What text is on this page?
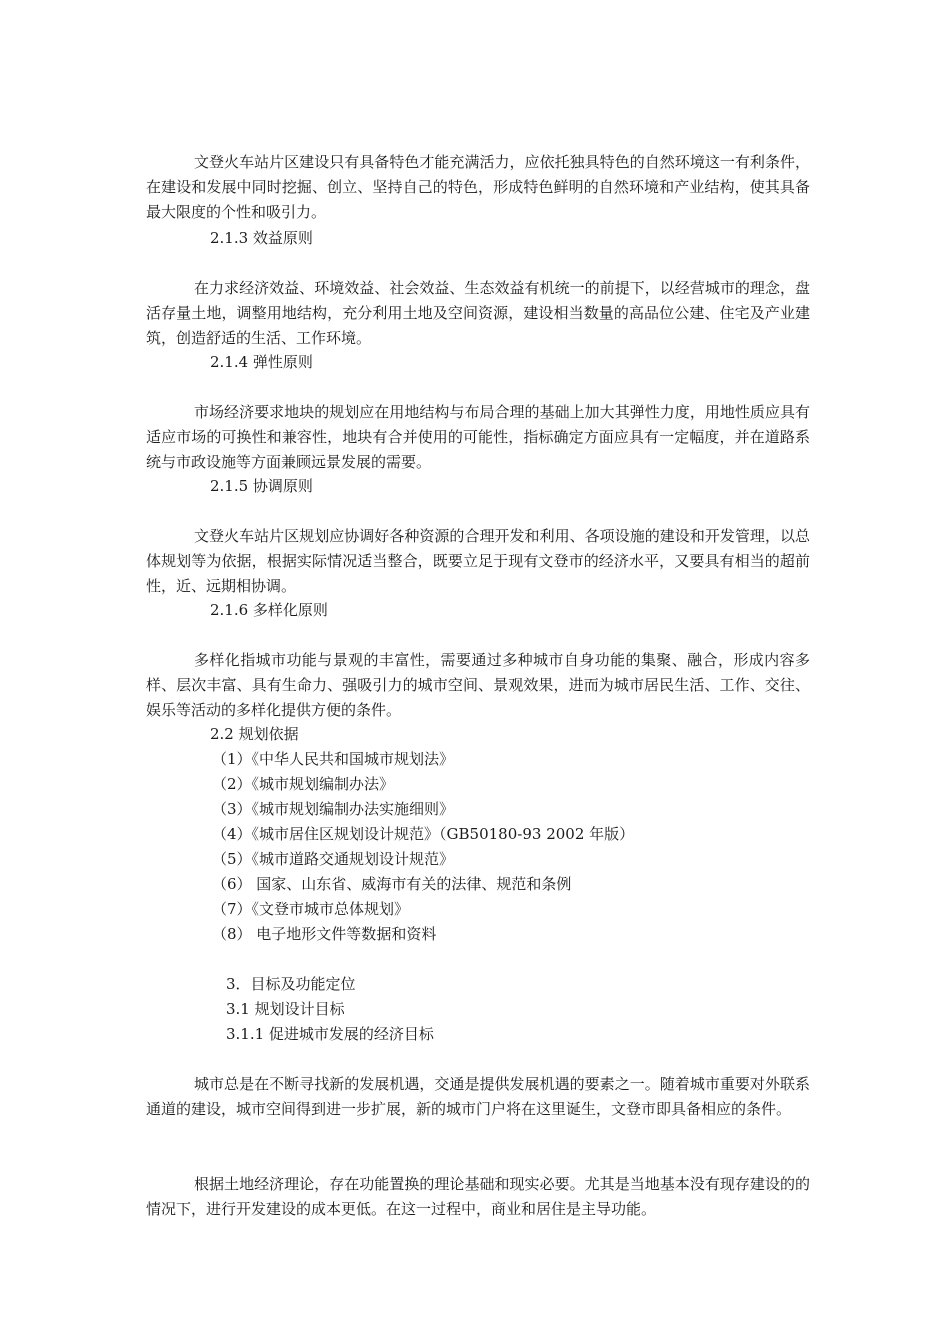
文登火车站片区建设只有具备特色才能充满活力，应依托独具特色的自然环境这一有利条件，在建设和发展中同时挖掘、创立、坚持自己的特色，形成特色鲜明的自然环境和产业结构，使其具备最大限度的个性和吸引力。

2.1.3 效益原则

在力求经济效益、环境效益、社会效益、生态效益有机统一的前提下，以经营城市的理念，盘活存量土地，调整用地结构，充分利用土地及空间资源，建设相当数量的高品位公建、住宅及产业建筑，创造舒适的生活、工作环境。

2.1.4 弹性原则

市场经济要求地块的规划应在用地结构与布局合理的基础上加大其弹性力度，用地性质应具有适应市场的可换性和兼容性，地块有合并使用的可能性，指标确定方面应具有一定幅度，并在道路系统与市政设施等方面兼顾远景发展的需要。

2.1.5 协调原则

文登火车站片区规划应协调好各种资源的合理开发和利用、各项设施的建设和开发管理，以总体规划等为依据，根据实际情况适当整合，既要立足于现有文登市的经济水平，又要具有相当的超前性，近、远期相协调。

2.1.6 多样化原则

多样化指城市功能与景观的丰富性，需要通过多种城市自身功能的集聚、融合，形成内容多样、层次丰富、具有生命力、强吸引力的城市空间、景观效果，进而为城市居民生活、工作、交往、娱乐等活动的多样化提供方便的条件。

2.2 规划依据

（1）《中华人民共和国城市规划法》

（2）《城市规划编制办法》

（3）《城市规划编制办法实施细则》

（4）《城市居住区规划设计规范》（GB50180-93 2002 年版）

（5）《城市道路交通规划设计规范》

（6） 国家、山东省、威海市有关的法律、规范和条例

（7）《文登市城市总体规划》

（8） 电子地形文件等数据和资料

3．目标及功能定位

3.1 规划设计目标

3.1.1 促进城市发展的经济目标

城市总是在不断寻找新的发展机遇，交通是提供发展机遇的要素之一。随着城市重要对外联系通道的建设，城市空间得到进一步扩展，新的城市门户将在这里诞生，文登市即具备相应的条件。

根据土地经济理论，存在功能置换的理论基础和现实必要。尤其是当地基本没有现存建设的的情况下，进行开发建设的成本更低。在这一过程中，商业和居住是主导功能。
